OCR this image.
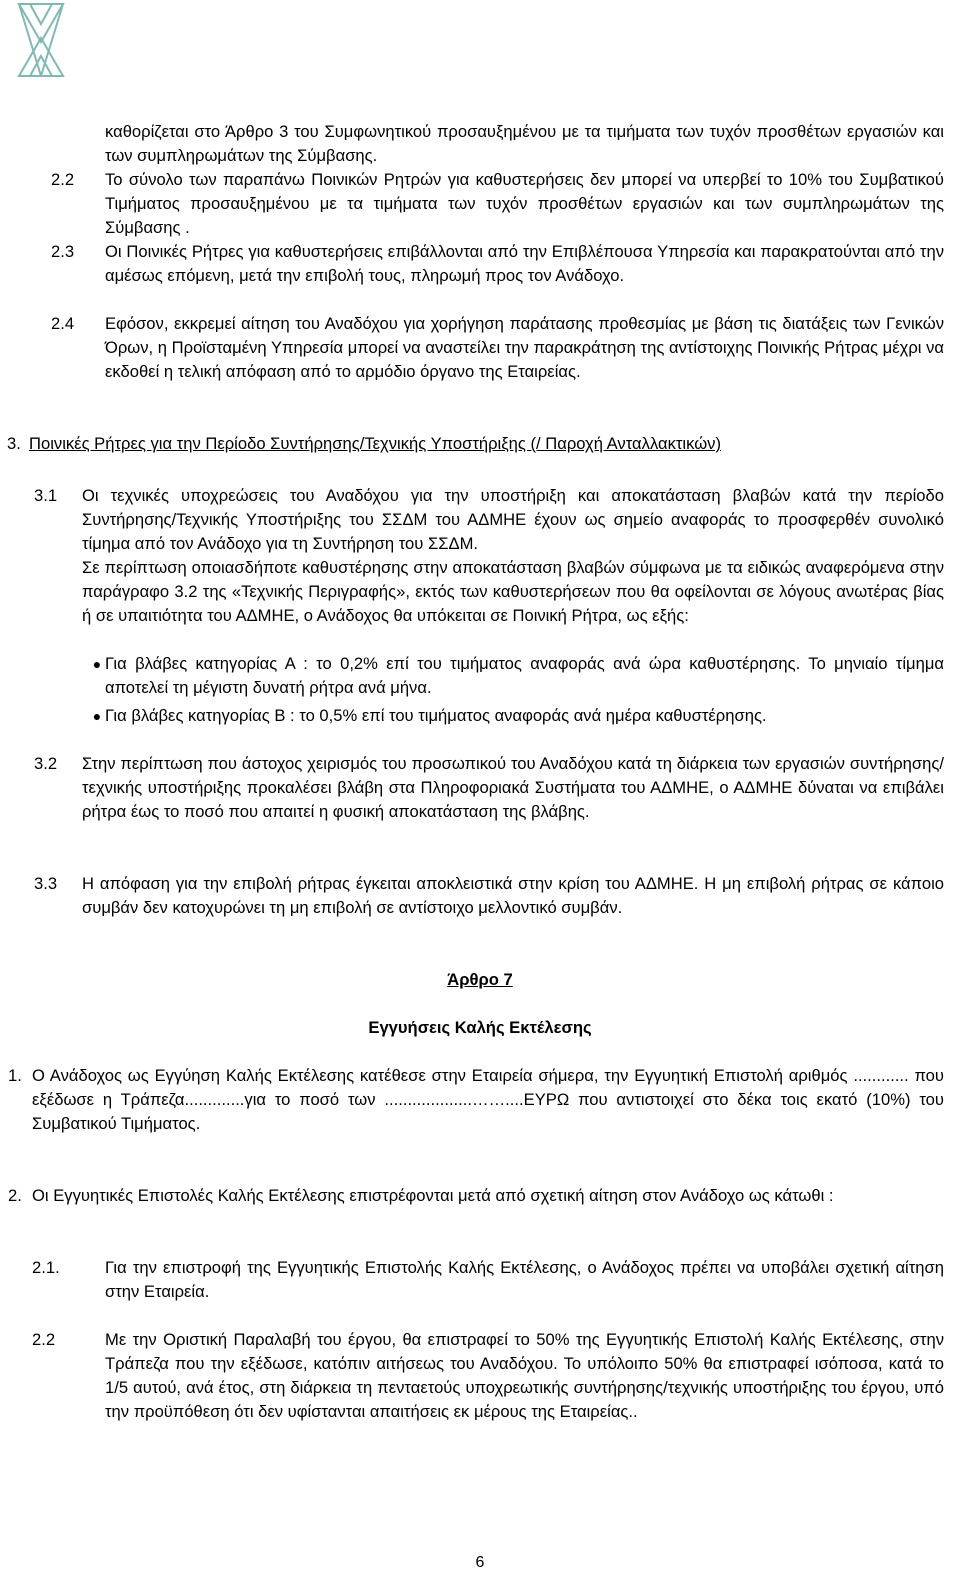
καθορίζεται στο Άρθρο 3 του Συμφωνητικού προσαυξημένου με τα τιμήματα των τυχόν προσθέτων εργασιών και των συμπληρωμάτων της Σύμβασης.
2.2 Το σύνολο των παραπάνω Ποινικών Ρητρών για καθυστερήσεις δεν μπορεί να υπερβεί το 10% του Συμβατικού Τιμήματος προσαυξημένου με τα τιμήματα των τυχόν προσθέτων εργασιών και των συμπληρωμάτων της Σύμβασης .
2.3 Οι Ποινικές Ρήτρες για καθυστερήσεις επιβάλλονται από την Επιβλέπουσα Υπηρεσία και παρακρατούνται από την αμέσως επόμενη, μετά την επιβολή τους, πληρωμή προς τον Ανάδοχο.
2.4 Εφόσον, εκκρεμεί αίτηση του Αναδόχου για χορήγηση παράτασης προθεσμίας με βάση τις διατάξεις των Γενικών Όρων, η Προϊσταμένη Υπηρεσία μπορεί να αναστείλει την παρακράτηση της αντίστοιχης Ποινικής Ρήτρας μέχρι να εκδοθεί η τελική απόφαση από το αρμόδιο όργανο της Εταιρείας.
3. Ποινικές Ρήτρες για την Περίοδο Συντήρησης/Τεχνικής Υποστήριξης (/ Παροχή Ανταλλακτικών)
3.1 Οι τεχνικές υποχρεώσεις του Αναδόχου για την υποστήριξη και αποκατάσταση βλαβών κατά την περίοδο Συντήρησης/Τεχνικής Υποστήριξης του ΣΣΔΜ του ΑΔΜΗΕ έχουν ως σημείο αναφοράς το προσφερθέν συνολικό τίμημα από τον Ανάδοχο για τη Συντήρηση του ΣΣΔΜ.
Σε περίπτωση οποιασδήποτε καθυστέρησης στην αποκατάσταση βλαβών σύμφωνα με τα ειδικώς αναφερόμενα στην παράγραφο 3.2 της «Τεχνικής Περιγραφής», εκτός των καθυστερήσεων που θα οφείλονται σε λόγους ανωτέρας βίας ή σε υπαιτιότητα του ΑΔΜΗΕ, ο Ανάδοχος θα υπόκειται σε Ποινική Ρήτρα, ως εξής:
● Για βλάβες κατηγορίας Α : το 0,2% επί του τιμήματος αναφοράς ανά ώρα καθυστέρησης. Το μηνιαίο τίμημα αποτελεί τη μέγιστη δυνατή ρήτρα ανά μήνα.
● Για βλάβες κατηγορίας Β : το 0,5% επί του τιμήματος αναφοράς ανά ημέρα καθυστέρησης.
3.2 Στην περίπτωση που άστοχος χειρισμός του προσωπικού του Αναδόχου κατά τη διάρκεια των εργασιών συντήρησης/τεχνικής υποστήριξης προκαλέσει βλάβη στα Πληροφοριακά Συστήματα του ΑΔΜΗΕ, ο ΑΔΜΗΕ δύναται να επιβάλει ρήτρα έως το ποσό που απαιτεί η φυσική αποκατάσταση της βλάβης.
3.3 Η απόφαση για την επιβολή ρήτρας έγκειται αποκλειστικά στην κρίση του ΑΔΜΗΕ. Η μη επιβολή ρήτρας σε κάποιο συμβάν δεν κατοχυρώνει τη μη επιβολή σε αντίστοιχο μελλοντικό συμβάν.
Άρθρο 7
Εγγυήσεις Καλής Εκτέλεσης
1. Ο Ανάδοχος ως Εγγύηση Καλής Εκτέλεσης κατέθεσε στην Εταιρεία σήμερα, την Εγγυητική Επιστολή αριθμός ............ που εξέδωσε η Τράπεζα.............για το ποσό των ...................……....ΕΥΡΩ που αντιστοιχεί στο δέκα τοις εκατό (10%) του Συμβατικού Τιμήματος.
2. Οι Εγγυητικές Επιστολές Καλής Εκτέλεσης επιστρέφονται μετά από σχετική αίτηση στον Ανάδοχο ως κάτωθι :
2.1.	Για την επιστροφή της Εγγυητικής Επιστολής Καλής Εκτέλεσης, ο Ανάδοχος πρέπει να υποβάλει σχετική αίτηση στην Εταιρεία.
2.2	Με την Οριστική Παραλαβή του έργου, θα επιστραφεί το 50% της Εγγυητικής Επιστολή Καλής Εκτέλεσης, στην Τράπεζα που την εξέδωσε, κατόπιν αιτήσεως του Αναδόχου. Το υπόλοιπο 50% θα επιστραφεί ισόποσα, κατά το 1/5 αυτού, ανά έτος, στη διάρκεια τη πενταετούς υποχρεωτικής συντήρησης/τεχνικής υποστήριξης του έργου, υπό την προϋπόθεση ότι δεν υφίστανται απαιτήσεις εκ μέρους της Εταιρείας..
6
